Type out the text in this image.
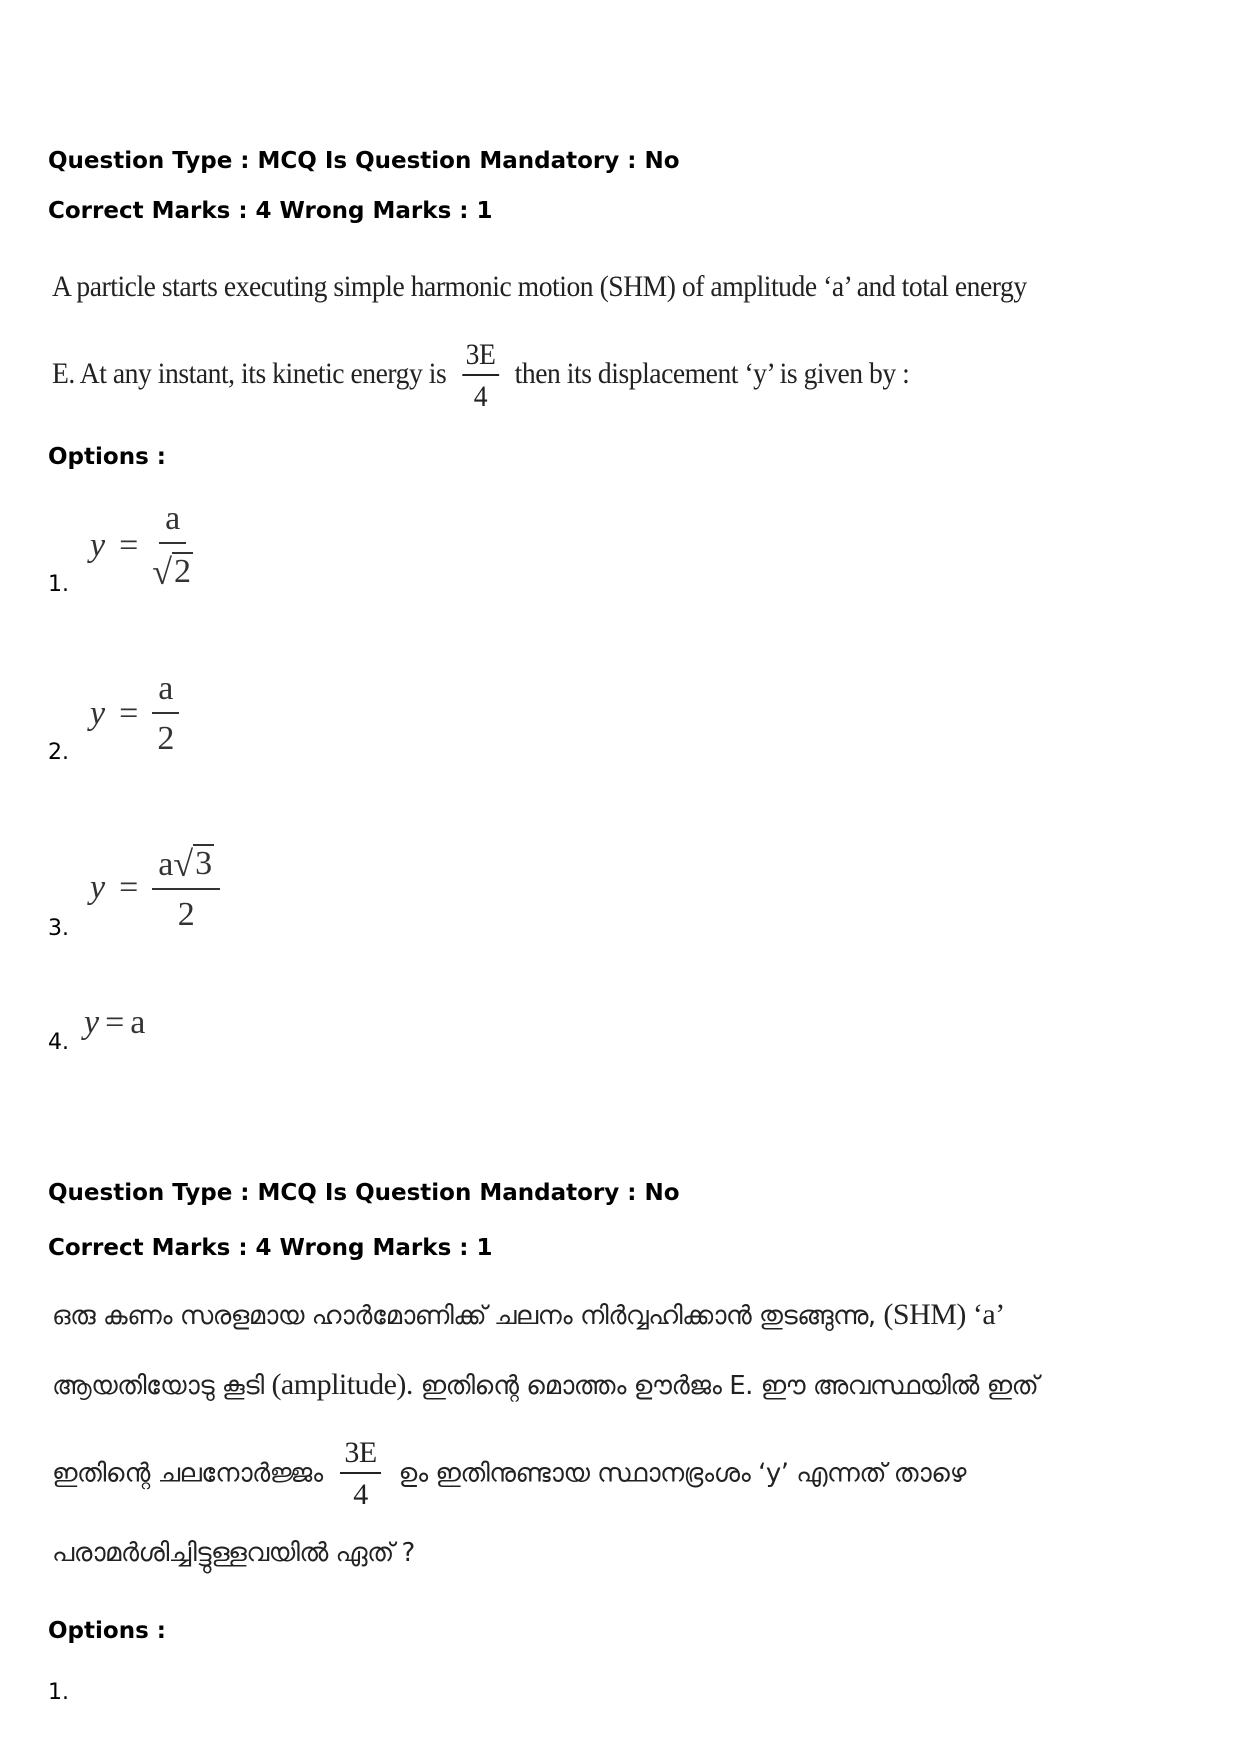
Question Type : MCQ Is Question Mandatory : No
Correct Marks : 4 Wrong Marks : 1
A particle starts executing simple harmonic motion (SHM) of amplitude ‘a’ and total energy
E. At any instant, its kinetic energy is $\frac{3E}{4}$ then its displacement ‘y’ is given by :
Options :
1.
$y = \frac{a}{√ 2}$
2.
$y = \frac{a}{2}$
3.
$y = \frac{a √ 3}{2}$
4.
y = a
Question Type : MCQ Is Question Mandatory : No
Correct Marks : 4 Wrong Marks : 1
ഒരു കണം സരളമായ ഹാർമോണിക്ക് ചലനം നിർവ്വഹിക്കാൻ തുടങ്ങുന്നു, (SHM) ‘a’
ആയതിയോടു കൂടി (amplitude). ഇതിന്റെ മൊത്തം ഊർജം E. ഈ അവസ്ഥയിൽ ഇത്
ഇതിന്റെ ചലനോർജ്ജം $\frac{3E}{4}$ ഉം ഇതിനുണ്ടായ സ്ഥാനഭ്രംശം ‘y’ എന്നത് താഴെ
പരാമർശിച്ചിട്ടുള്ളവയിൽ ഏത് ?
Options :
1.
